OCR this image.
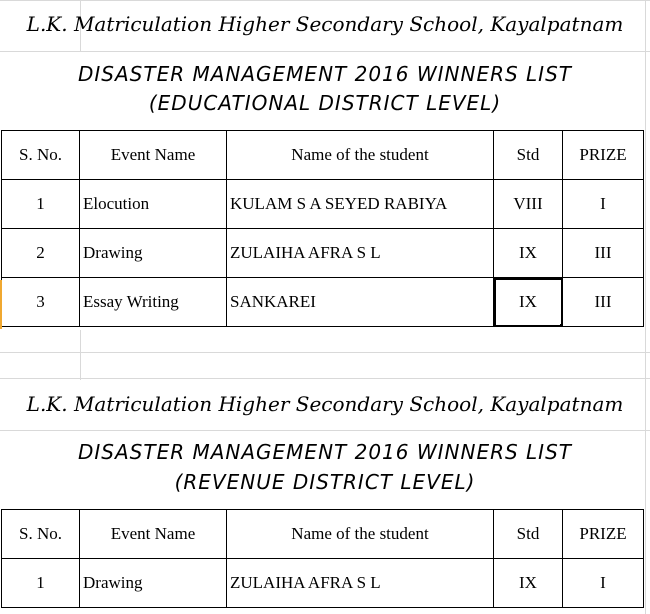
L.K. Matriculation Higher Secondary School, Kayalpatnam
DISASTER MANAGEMENT 2016 WINNERS LIST
(EDUCATIONAL DISTRICT LEVEL)
S. No.	Event Name	Name of the student	Std	PRIZE
1	Elocution	KULAM S A SEYED RABIYA	VIII	I
2	Drawing	ZULAIHA AFRA S L	IX	III
3	Essay Writing	SANKAREI	IX	III
L.K. Matriculation Higher Secondary School, Kayalpatnam
DISASTER MANAGEMENT 2016 WINNERS LIST
(REVENUE DISTRICT LEVEL)
S. No.	Event Name	Name of the student	Std	PRIZE
1	Drawing	ZULAIHA AFRA S L	IX	I
